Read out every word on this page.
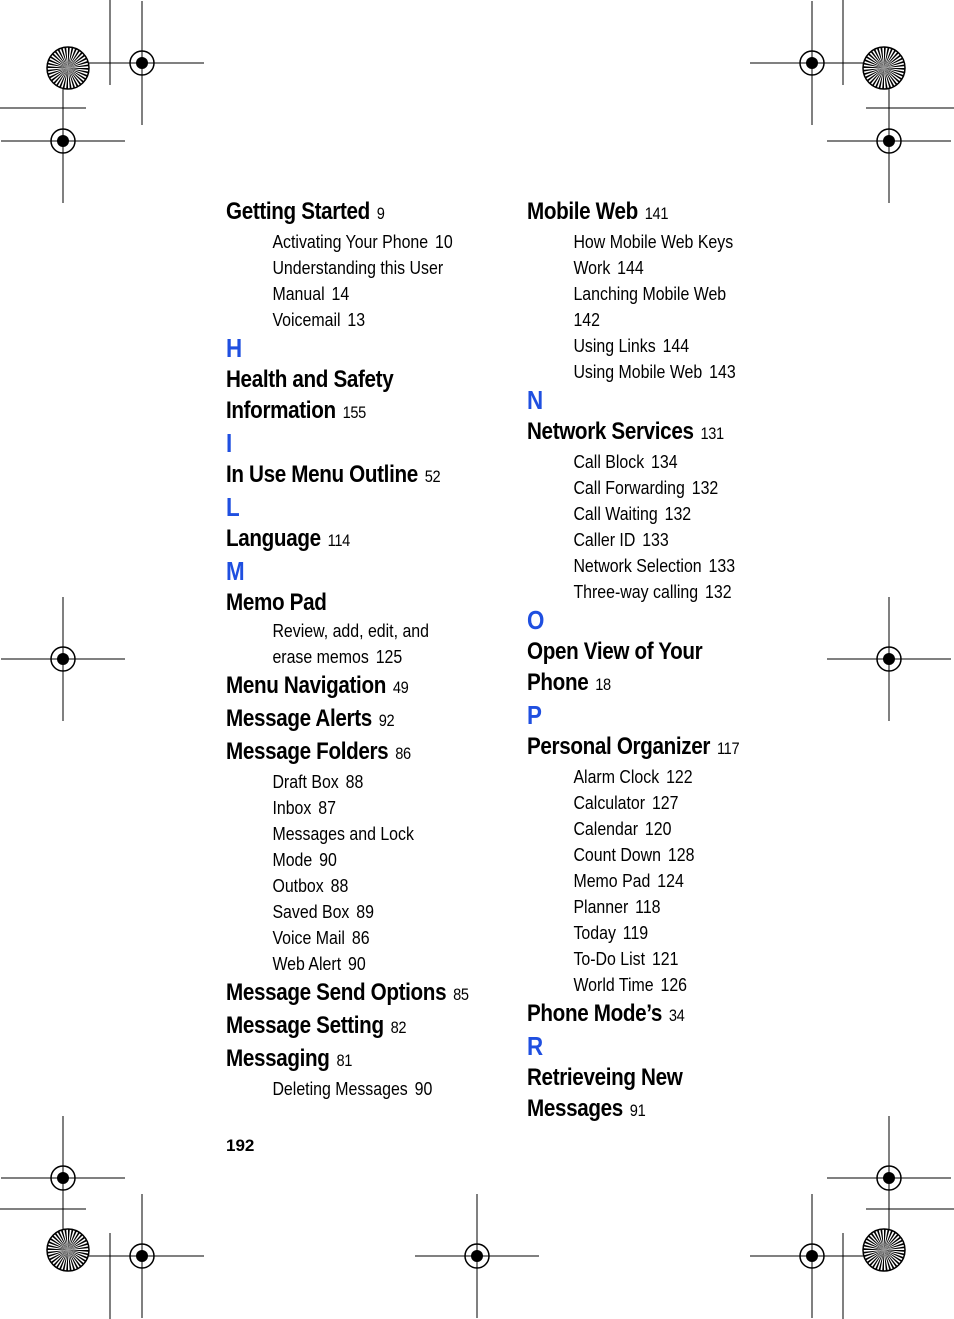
Getting Started 9
Activating Your Phone 10
Understanding this User
Manual 14
Voicemail 13
H
Health and Safety
Information 155
I
In Use Menu Outline 52
L
Language 114
M
Memo Pad
Review, add, edit, and
erase memos 125
Menu Navigation 49
Message Alerts 92
Message Folders 86
Draft Box 88
Inbox 87
Messages and Lock
Mode 90
Outbox 88
Saved Box 89
Voice Mail 86
Web Alert 90
Message Send Options 85
Message Setting 82
Messaging 81
Deleting Messages 90
Mobile Web 141
How Mobile Web Keys
Work 144
Lanching Mobile Web
142
Using Links 144
Using Mobile Web 143
N
Network Services 131
Call Block 134
Call Forwarding 132
Call Waiting 132
Caller ID 133
Network Selection 133
Three-way calling 132
O
Open View of Your
Phone 18
P
Personal Organizer 117
Alarm Clock 122
Calculator 127
Calendar 120
Count Down 128
Memo Pad 124
Planner 118
Today 119
To-Do List 121
World Time 126
Phone Mode’s 34
R
Retrieveing New
Messages 91
192
